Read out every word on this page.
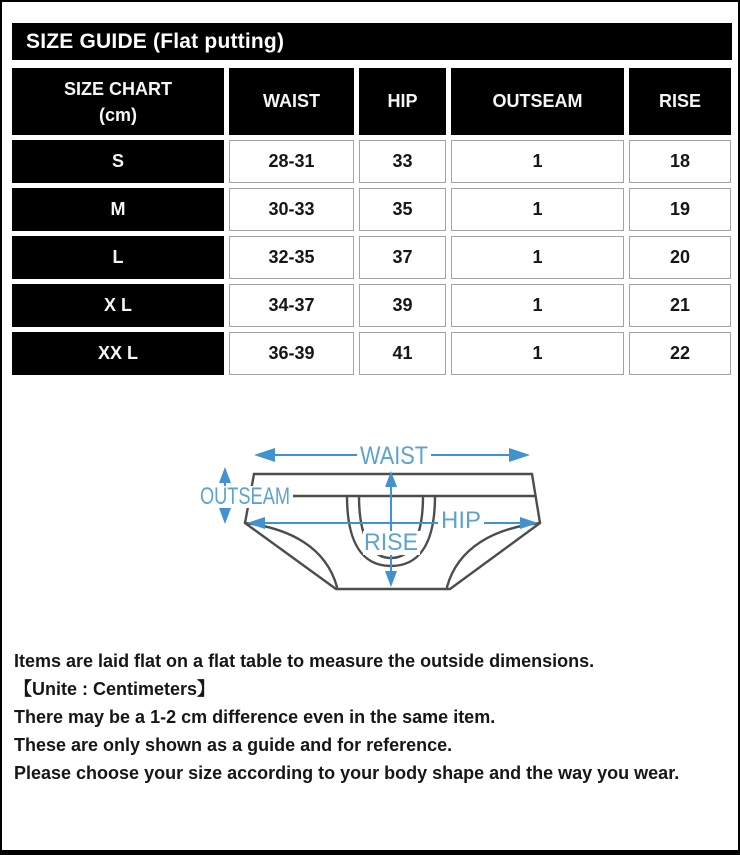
SIZE GUIDE (Flat putting)
SIZE CHART
(cm)	WAIST	HIP	OUTSEAM	RISE
S	28-31	33	1	18
M	30-33	35	1	19
L	32-35	37	1	20
X L	34-37	39	1	21
XX L	36-39	41	1	22
WAIST
OUTSEAM
HIP
RISE

Items are laid flat on a flat table to measure the outside dimensions.

【Unite : Centimeters】

There may be a 1-2 cm difference even in the same item.

These are only shown as a guide and for reference.

Please choose your size according to your body shape and the way you wear.
